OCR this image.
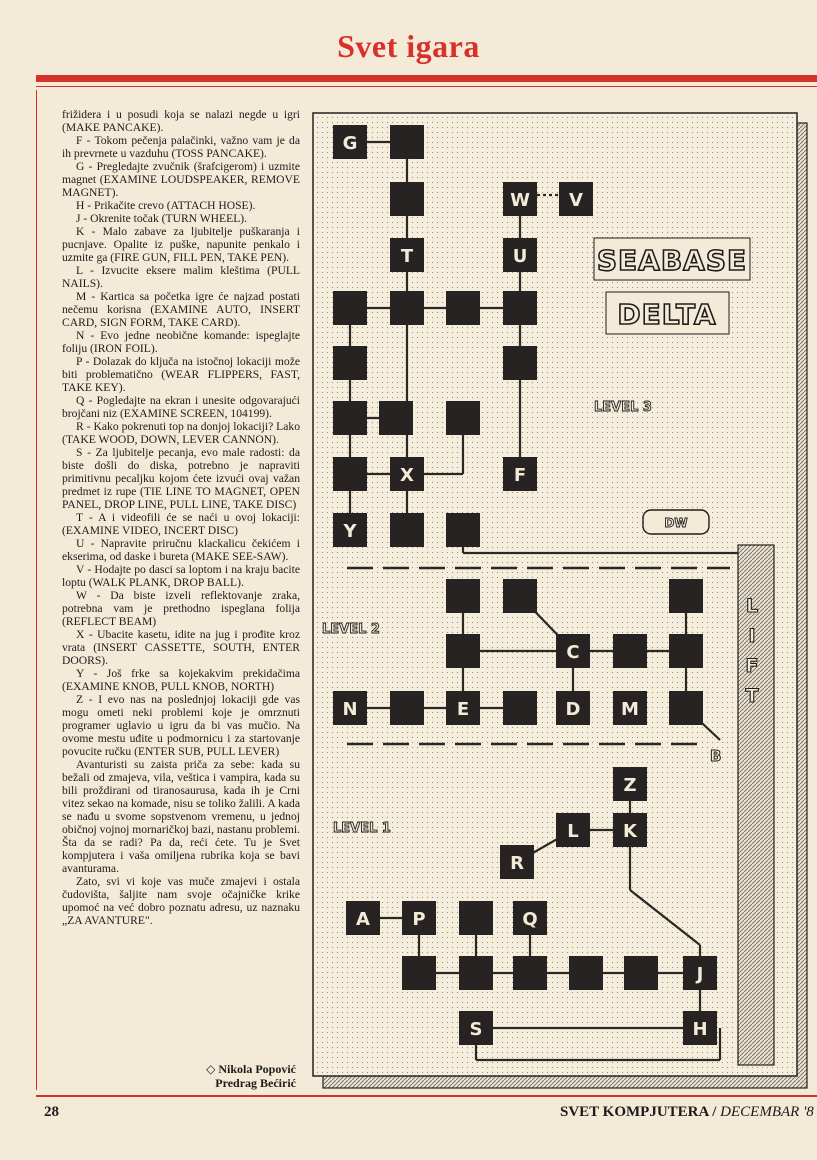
Svet igara

frižidera i u posudi koja se nalazi negde u igri (MAKE PANCAKE).

F - Tokom pečenja palačinki, važno vam je da ih prevrnete u vazduhu (TOSS PANCAKE).

G - Pregledajte zvučnik (šrafcigerom) i uzmite magnet (EXAMINE LOUDSPEAKER, REMOVE MAGNET).

H - Prikačite crevo (ATTACH HOSE).

J - Okrenite točak (TURN WHEEL).

K - Malo zabave za ljubitelje puškaranja i pucnjave. Opalite iz puške, napunite penkalo i uzmite ga (FIRE GUN, FILL PEN, TAKE PEN).

L - Izvucite eksere malim kleštima (PULL NAILS).

M - Kartica sa početka igre će najzad postati nečemu korisna (EXAMINE AUTO, INSERT CARD, SIGN FORM, TAKE CARD).

N - Evo jedne neobične komande: ispeglajte foliju (IRON FOIL).

P - Dolazak do ključa na istočnoj lokaciji može biti problematično (WEAR FLIPPERS, FAST, TAKE KEY).

Q - Pogledajte na ekran i unesite odgovarajući brojčani niz (EXAMINE SCREEN, 104199).

R - Kako pokrenuti top na donjoj lokaciji? Lako (TAKE WOOD, DOWN, LEVER CANNON).

S - Za ljubitelje pecanja, evo male radosti: da biste došli do diska, potrebno je napraviti primitivnu pecaljku kojom ćete izvući ovaj važan predmet iz rupe (TIE LINE TO MAGNET, OPEN PANEL, DROP LINE, PULL LINE, TAKE DISC)

T - A i videofili će se naći u ovoj lokaciji: (EXAMINE VIDEO, INCERT DISC)

U - Napravite priručnu klackalicu čekićem i ekserima, od daske i bureta (MAKE SEE-SAW).

V - Hodajte po dasci sa loptom i na kraju bacite loptu (WALK PLANK, DROP BALL).

W - Da biste izveli reflektovanje zraka, potrebna vam je prethodno ispeglana folija (REFLECT BEAM)

X - Ubacite kasetu, idite na jug i prođite kroz vrata (INSERT CASSETTE, SOUTH, ENTER DOORS).

Y - Još frke sa kojekakvim prekidačima (EXAMINE KNOB, PULL KNOB, NORTH)

Z - I evo nas na poslednjoj lokaciji gde vas mogu ometi neki problemi koje je omrznuti programer uglavio u igru da bi vas mučio. Na ovome mestu uđite u podmornicu i za startovanje povucite ručku (ENTER SUB, PULL LEVER)

Avanturisti su zaista priča za sebe: kada su bežali od zmajeva, vila, veštica i vampira, kada su bili proždirani od tiranosaurusa, kada ih je Crni vitez sekao na komade, nisu se toliko žalili. A kada se nađu u svome sopstvenom vremenu, u jednoj običnoj vojnoj mornaričkoj bazi, nastanu problemi. Šta da se radi? Pa da, reći ćete. Tu je Svet kompjutera i vaša omiljena rubrika koja se bavi avanturama.

Zato, svi vi koje vas muče zmajevi i ostala čudovišta, šaljite nam svoje očajničke krike upomoć na već dobro poznatu adresu, uz naznaku „ZA AVANTURE".

◇ Nikola Popović
Predrag Bećirić
L
I
F
T
G
W V
T	U
X	F
Y
C
N	E	D M
Z
L K
R
A P	Q
J
S	H
SEABASE
DELTA
LEVEL 3
LEVEL 2
LEVEL 1
DW
B
28	SVET KOMPJUTERA / DECEMBAR '8
